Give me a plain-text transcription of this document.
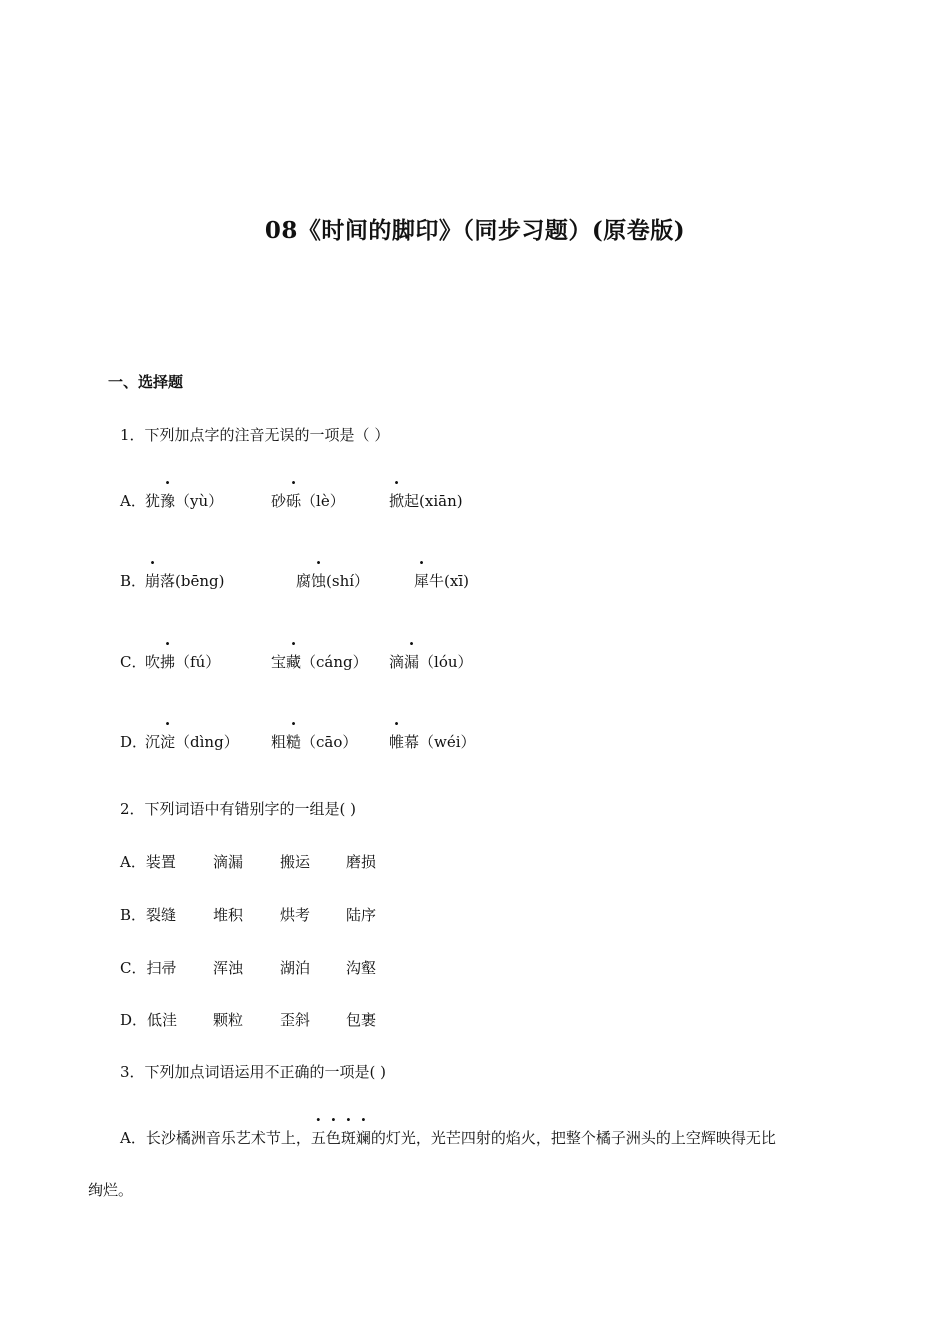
08《时间的脚印》（同步习题）(原卷版)
一、选择题
1．下列加点字的注音无误的一项是（ ）
A． 犹豫（yù）	砂砾（lè）	掀起(xiān)
B．
崩落(bēng)	腐蚀(shí）	犀牛(xī)
C．
吹拂（fú）	宝藏（cáng） 滴漏（lóu）
D．
沉淀（dìng） 粗糙（cāo） 帷幕（wéi）
2．下列词语中有错别字的一组是( )
A．装置 滴漏 搬运 磨损
B．裂缝 堆积 烘考 陆序
C．扫帚 浑浊 湖泊 沟壑
D．低洼 颗粒 歪斜 包裹
3．下列加点词语运用不正确的一项是( )
A．长沙橘洲音乐艺术节上，五色斑斓的灯光，光芒四射的焰火，把整个橘子洲头的上空辉映得无比
绚烂。
